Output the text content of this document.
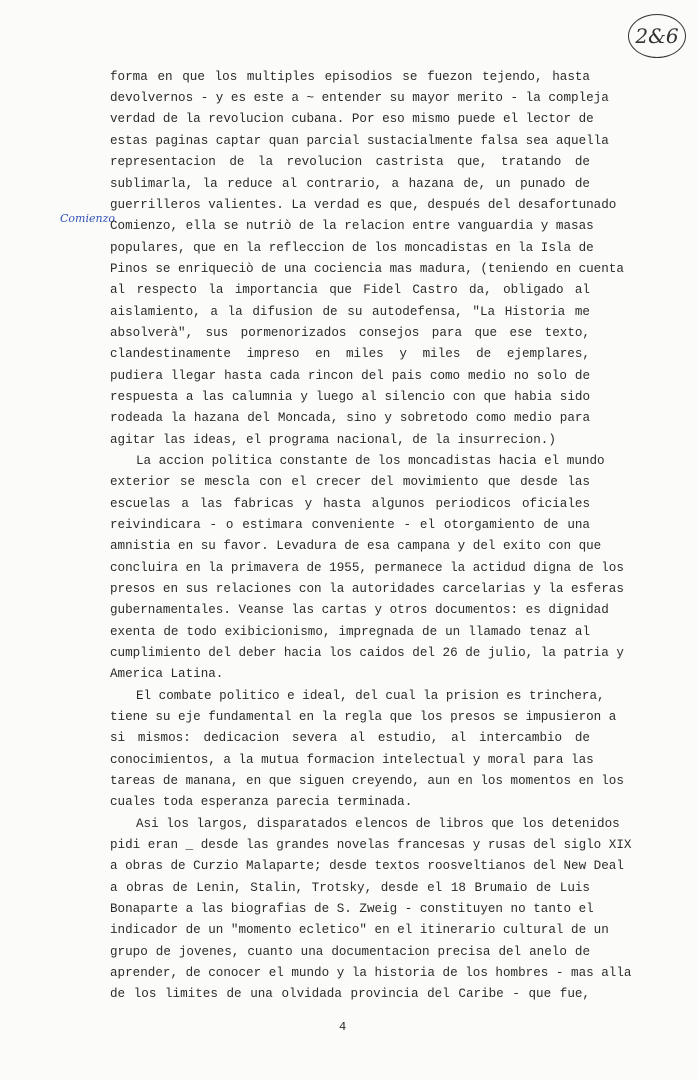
2&6
Comienzo
forma en que los multiples episodios se fuezon tejendo, hasta
devolvernos - y es este a ~ entender su mayor merito - la compleja
verdad de la revolucion cubana. Por eso mismo puede el lector de
estas paginas captar quan parcial sustacialmente falsa sea aquella
representacion de la revolucion castrista que, tratando de
sublimarla, la reduce al contrario, a hazana de, un punado de
guerrilleros valientes. La verdad es que, después del desafortunado
Comienzo, ella se nutriò de la relacion entre vanguardia y masas
populares, que en la refleccion de los moncadistas en la Isla de
Pinos se enriqueciò de una cociencia mas madura, (teniendo en cuenta
al respecto la importancia que Fidel Castro da, obligado al
aislamiento, a la difusion de su autodefensa, "La Historia me
absolverà", sus pormenorizados consejos para que ese texto,
clandestinamente impreso en miles y miles de ejemplares,
pudiera llegar hasta cada rincon del pais como medio no solo de
respuesta a las calumnia y luego al silencio con que habia sido
rodeada la hazana del Moncada, sino y sobretodo como medio para
agitar las ideas, el programa nacional, de la insurrecion.)
La accion politica constante de los moncadistas hacia el mundo
exterior se mescla con el crecer del movimiento que desde las
escuelas a las fabricas y hasta algunos periodicos oficiales
reivindicara - o estimara conveniente - el otorgamiento de una
amnistia en su favor. Levadura de esa campana y del exito con que
concluira en la primavera de 1955, permanece la actidud digna de los
presos en sus relaciones con la autoridades carcelarias y la esferas
gubernamentales. Veanse las cartas y otros documentos: es dignidad
exenta de todo exibicionismo, impregnada de un llamado tenaz al
cumplimiento del deber hacia los caidos del 26 de julio, la patria y
America Latina.
El combate politico e ideal, del cual la prision es trinchera,
tiene su eje fundamental en la regla que los presos se impusieron a
si mismos: dedicacion severa al estudio, al intercambio de
conocimientos, a la mutua formacion intelectual y moral para las
tareas de manana, en que siguen creyendo, aun en los momentos en los
cuales toda esperanza parecia terminada.
Asi los largos, disparatados elencos de libros que los detenidos
pidi eran _ desde las grandes novelas francesas y rusas del siglo XIX
a obras de Curzio Malaparte; desde textos roosveltianos del New Deal
a obras de Lenin, Stalin, Trotsky, desde el 18 Brumaio de Luis
Bonaparte a las biografias de S. Zweig - constituyen no tanto el
indicador de un "momento ecletico" en el itinerario cultural de un
grupo de jovenes, cuanto una documentacion precisa del anelo de
aprender, de conocer el mundo y la historia de los hombres - mas alla
de los limites de una olvidada provincia del Caribe - que fue,
4
